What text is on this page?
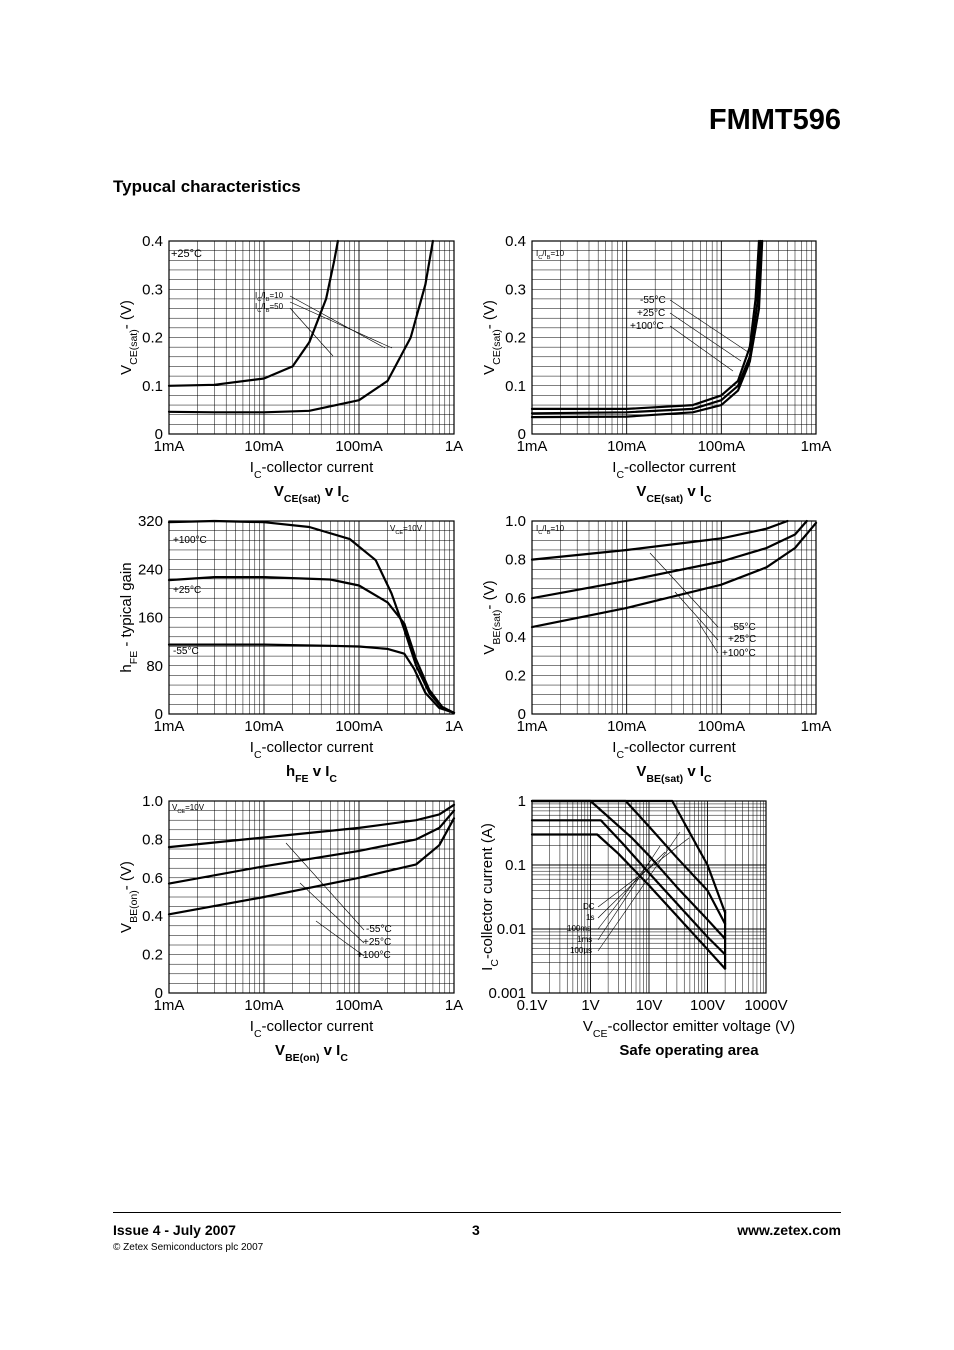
FMMT596
Typucal characteristics
+25°C
$I_C/I_B=10$
$I_C/I_B=50$
1mA	10mA	100mA	1A
0
0.1
0.2
0.3
0.4
$I_C$-collector current
$V_{CE(sat)}-$ (V)
$V_{CE(sat)}$ v $I_C$
$I_C/I_B=10$
-55°C
+25°C
+100°C
1mA	10mA	100mA	1mA
0
0.1
0.2
0.3
0.4
$I_C$-collector current
$V_{CE(sat)}-$ (V)
$V_{CE(sat)}$ v $I_C$
$V_{CE}=10V$
+100°C
+25°C
-55°C
1mA	10mA	100mA	1A
0
80
160
240
320
$I_C$-collector current
$h_{FE}$ - typical gain
$h_{FE}$ v $I_C$
$I_C/I_B=10$
-55°C
+25°C
+100°C
1mA	10mA	100mA	1mA
0
0.2
0.4
0.6
0.8
1.0
$I_C$-collector current
$V_{BE(sat)}-$ (V)
$V_{BE(sat)}$ v $I_C$
$V_{CE}=10V$
-55°C
+25°C
+100°C
1mA	10mA	100mA	1A
0
0.2
0.4
0.6
0.8
1.0
$I_C$-collector current
$V_{BE(on)}-$ (V)
$V_{BE(on)}$ v $I_C$
DC
1s
100ms
1ms
100µs
0.1V 1V 10V 100V 1000V
0.001
0.01
0.1
1
$V_{CE}$-collector emitter voltage (V)
$I_C$-collector current (A)
Safe operating area
Issue 4 - July 2007
© Zetex Semiconductors plc 2007
3	www.zetex.com
